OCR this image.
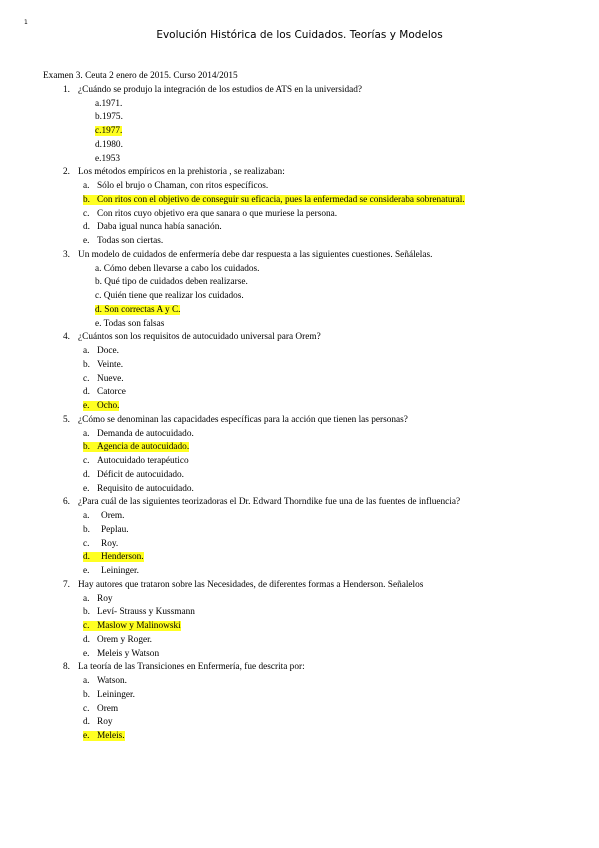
1
Evolución Histórica de los Cuidados. Teorías y Modelos
Examen 3. Ceuta 2 enero de 2015. Curso 2014/2015
1. ¿Cuándo se produjo la integración de los estudios de ATS en la universidad?
a.1971.
b.1975.
c.1977.
d.1980.
e.1953
2. Los métodos empíricos en la prehistoria , se realizaban:
a. Sólo el brujo o Chaman, con ritos específicos.
b. Con ritos con el objetivo de conseguir su eficacia, pues la enfermedad se consideraba sobrenatural.
c. Con ritos cuyo objetivo era que sanara o que muriese la persona.
d. Daba igual nunca había sanación.
e. Todas son ciertas.
3. Un modelo de cuidados de enfermería debe dar respuesta a las siguientes cuestiones. Señálelas.
a. Cómo deben llevarse a cabo los cuidados.
b. Qué tipo de cuidados deben realizarse.
c. Quién tiene que realizar los cuidados.
d. Son correctas A y C.
e. Todas son falsas
4. ¿Cuántos son los requisitos de autocuidado universal para Orem?
a. Doce.
b. Veinte.
c. Nueve.
d. Catorce
e. Ocho.
5. ¿Cómo se denominan las capacidades específicas para la acción que tienen las personas?
a. Demanda de autocuidado.
b. Agencia de autocuidado.
c. Autocuidado terapéutico
d. Déficit de autocuidado.
e. Requisito de autocuidado.
6. ¿Para cuál de las siguientes teorizadoras el Dr. Edward Thorndike fue una de las fuentes de influencia?
a. Orem.
b. Peplau.
c. Roy.
d. Henderson.
e. Leininger.
7. Hay autores que trataron sobre las Necesidades, de diferentes formas a Henderson. Señalelos
a. Roy
b. Leví- Strauss y Kussmann
c. Maslow y Malinowski
d. Orem y Roger.
e. Meleis y Watson
8. La teoría de las Transiciones en Enfermería, fue descrita por:
a. Watson.
b. Leininger.
c. Orem
d. Roy
e. Meleis.
